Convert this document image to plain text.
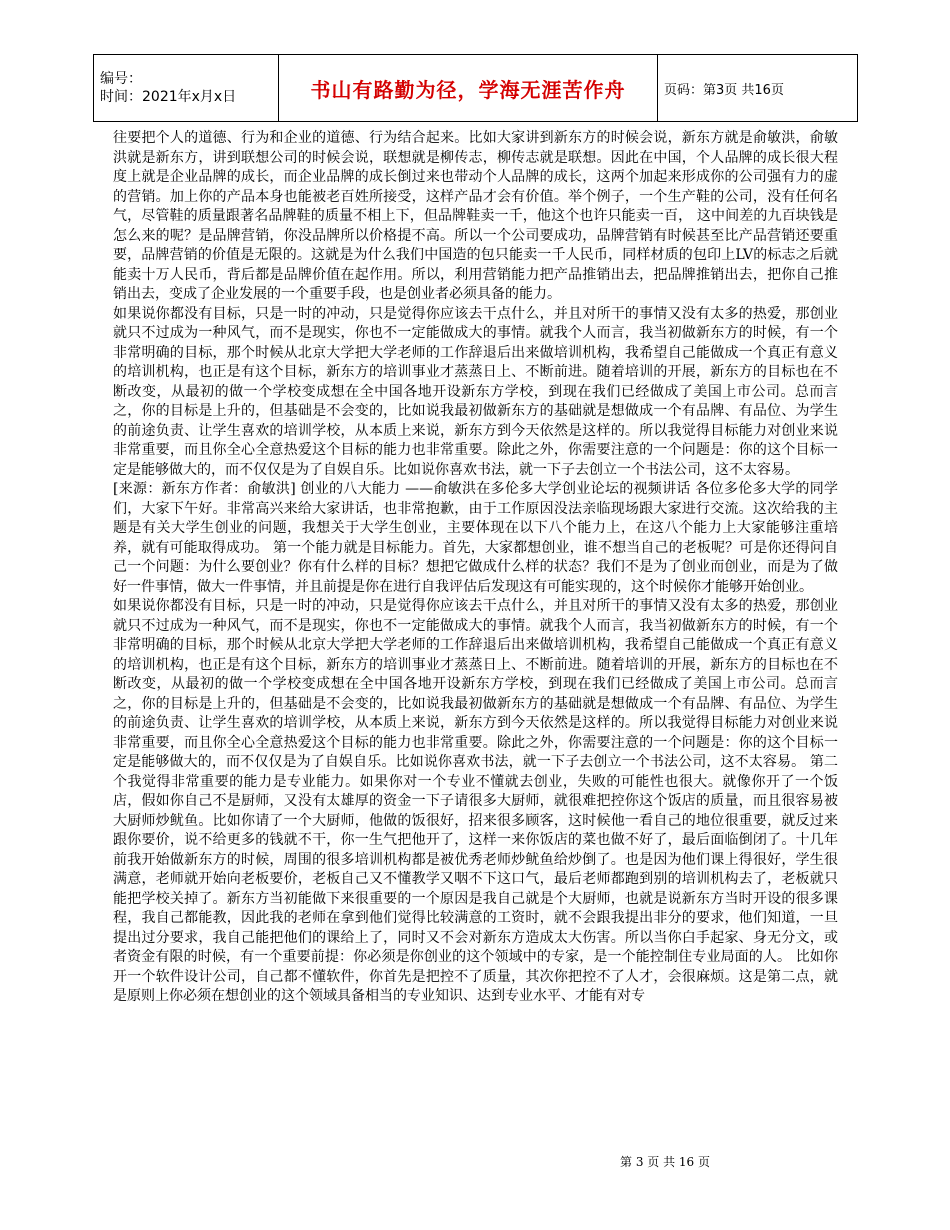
编号：
时间：2021年x月x日	书山有路勤为径，学海无涯苦作舟	页码：第3页 共16页

往要把个人的道德、行为和企业的道德、行为结合起来。比如大家讲到新东方的时候会说，新东方就是俞敏洪，俞敏洪就是新东方，讲到联想公司的时候会说，联想就是柳传志，柳传志就是联想。因此在中国，个人品牌的成长很大程度上就是企业品牌的成长，而企业品牌的成长倒过来也带动个人品牌的成长，这两个加起来形成你的公司强有力的虚的营销。加上你的产品本身也能被老百姓所接受，这样产品才会有价值。举个例子，一个生产鞋的公司，没有任何名气，尽管鞋的质量跟著名品牌鞋的质量不相上下，但品牌鞋卖一千，他这个也许只能卖一百， 这中间差的九百块钱是怎么来的呢？是品牌营销，你没品牌所以价格提不高。所以一个公司要成功，品牌营销有时候甚至比产品营销还要重要，品牌营销的价值是无限的。这就是为什么我们中国造的包只能卖一千人民币，同样材质的包印上LV的标志之后就能卖十万人民币，背后都是品牌价值在起作用。所以，利用营销能力把产品推销出去，把品牌推销出去，把你自己推销出去，变成了企业发展的一个重要手段，也是创业者必须具备的能力。

如果说你都没有目标，只是一时的冲动，只是觉得你应该去干点什么，并且对所干的事情又没有太多的热爱，那创业就只不过成为一种风气，而不是现实，你也不一定能做成大的事情。就我个人而言，我当初做新东方的时候，有一个非常明确的目标，那个时候从北京大学把大学老师的工作辞退后出来做培训机构，我希望自己能做成一个真正有意义的培训机构，也正是有这个目标，新东方的培训事业才蒸蒸日上、不断前进。随着培训的开展，新东方的目标也在不断改变，从最初的做一个学校变成想在全中国各地开设新东方学校，到现在我们已经做成了美国上市公司。总而言之，你的目标是上升的，但基础是不会变的，比如说我最初做新东方的基础就是想做成一个有品牌、有品位、为学生的前途负责、让学生喜欢的培训学校，从本质上来说，新东方到今天依然是这样的。所以我觉得目标能力对创业来说非常重要，而且你全心全意热爱这个目标的能力也非常重要。除此之外，你需要注意的一个问题是：你的这个目标一定是能够做大的，而不仅仅是为了自娱自乐。比如说你喜欢书法，就一下子去创立一个书法公司，这不太容易。

[来源：新东方作者：俞敏洪] 创业的八大能力 ——俞敏洪在多伦多大学创业论坛的视频讲话 各位多伦多大学的同学们，大家下午好。非常高兴来给大家讲话，也非常抱歉，由于工作原因没法亲临现场跟大家进行交流。这次给我的主题是有关大学生创业的问题，我想关于大学生创业，主要体现在以下八个能力上，在这八个能力上大家能够注重培养，就有可能取得成功。 第一个能力就是目标能力。首先，大家都想创业，谁不想当自己的老板呢？可是你还得问自己一个问题：为什么要创业？你有什么样的目标？想把它做成什么样的状态？我们不是为了创业而创业，而是为了做好一件事情，做大一件事情，并且前提是你在进行自我评估后发现这有可能实现的，这个时候你才能够开始创业。

如果说你都没有目标，只是一时的冲动，只是觉得你应该去干点什么，并且对所干的事情又没有太多的热爱，那创业就只不过成为一种风气，而不是现实，你也不一定能做成大的事情。就我个人而言，我当初做新东方的时候，有一个非常明确的目标，那个时候从北京大学把大学老师的工作辞退后出来做培训机构，我希望自己能做成一个真正有意义的培训机构，也正是有这个目标，新东方的培训事业才蒸蒸日上、不断前进。随着培训的开展，新东方的目标也在不断改变，从最初的做一个学校变成想在全中国各地开设新东方学校，到现在我们已经做成了美国上市公司。总而言之，你的目标是上升的，但基础是不会变的，比如说我最初做新东方的基础就是想做成一个有品牌、有品位、为学生的前途负责、让学生喜欢的培训学校，从本质上来说，新东方到今天依然是这样的。所以我觉得目标能力对创业来说非常重要，而且你全心全意热爱这个目标的能力也非常重要。除此之外，你需要注意的一个问题是：你的这个目标一定是能够做大的，而不仅仅是为了自娱自乐。比如说你喜欢书法，就一下子去创立一个书法公司，这不太容易。 第二个我觉得非常重要的能力是专业能力。如果你对一个专业不懂就去创业，失败的可能性也很大。就像你开了一个饭店，假如你自己不是厨师，又没有太雄厚的资金一下子请很多大厨师，就很难把控你这个饭店的质量，而且很容易被大厨师炒鱿鱼。比如你请了一个大厨师，他做的饭很好，招来很多顾客，这时候他一看自己的地位很重要，就反过来跟你要价，说不给更多的钱就不干，你一生气把他开了，这样一来你饭店的菜也做不好了，最后面临倒闭了。十几年前我开始做新东方的时候，周围的很多培训机构都是被优秀老师炒鱿鱼给炒倒了。也是因为他们课上得很好，学生很满意，老师就开始向老板要价，老板自己又不懂教学又咽不下这口气，最后老师都跑到别的培训机构去了，老板就只能把学校关掉了。新东方当初能做下来很重要的一个原因是我自己就是个大厨师，也就是说新东方当时开设的很多课程，我自己都能教，因此我的老师在拿到他们觉得比较满意的工资时，就不会跟我提出非分的要求，他们知道，一旦提出过分要求，我自己能把他们的课给上了，同时又不会对新东方造成太大伤害。所以当你白手起家、身无分文，或者资金有限的时候，有一个重要前提：你必须是你创业的这个领域中的专家，是一个能控制住专业局面的人。 比如你开一个软件设计公司，自己都不懂软件，你首先是把控不了质量，其次你把控不了人才，会很麻烦。这是第二点，就是原则上你必须在想创业的这个领域具备相当的专业知识、达到专业水平、才能有对专

第 3 页 共 16 页
